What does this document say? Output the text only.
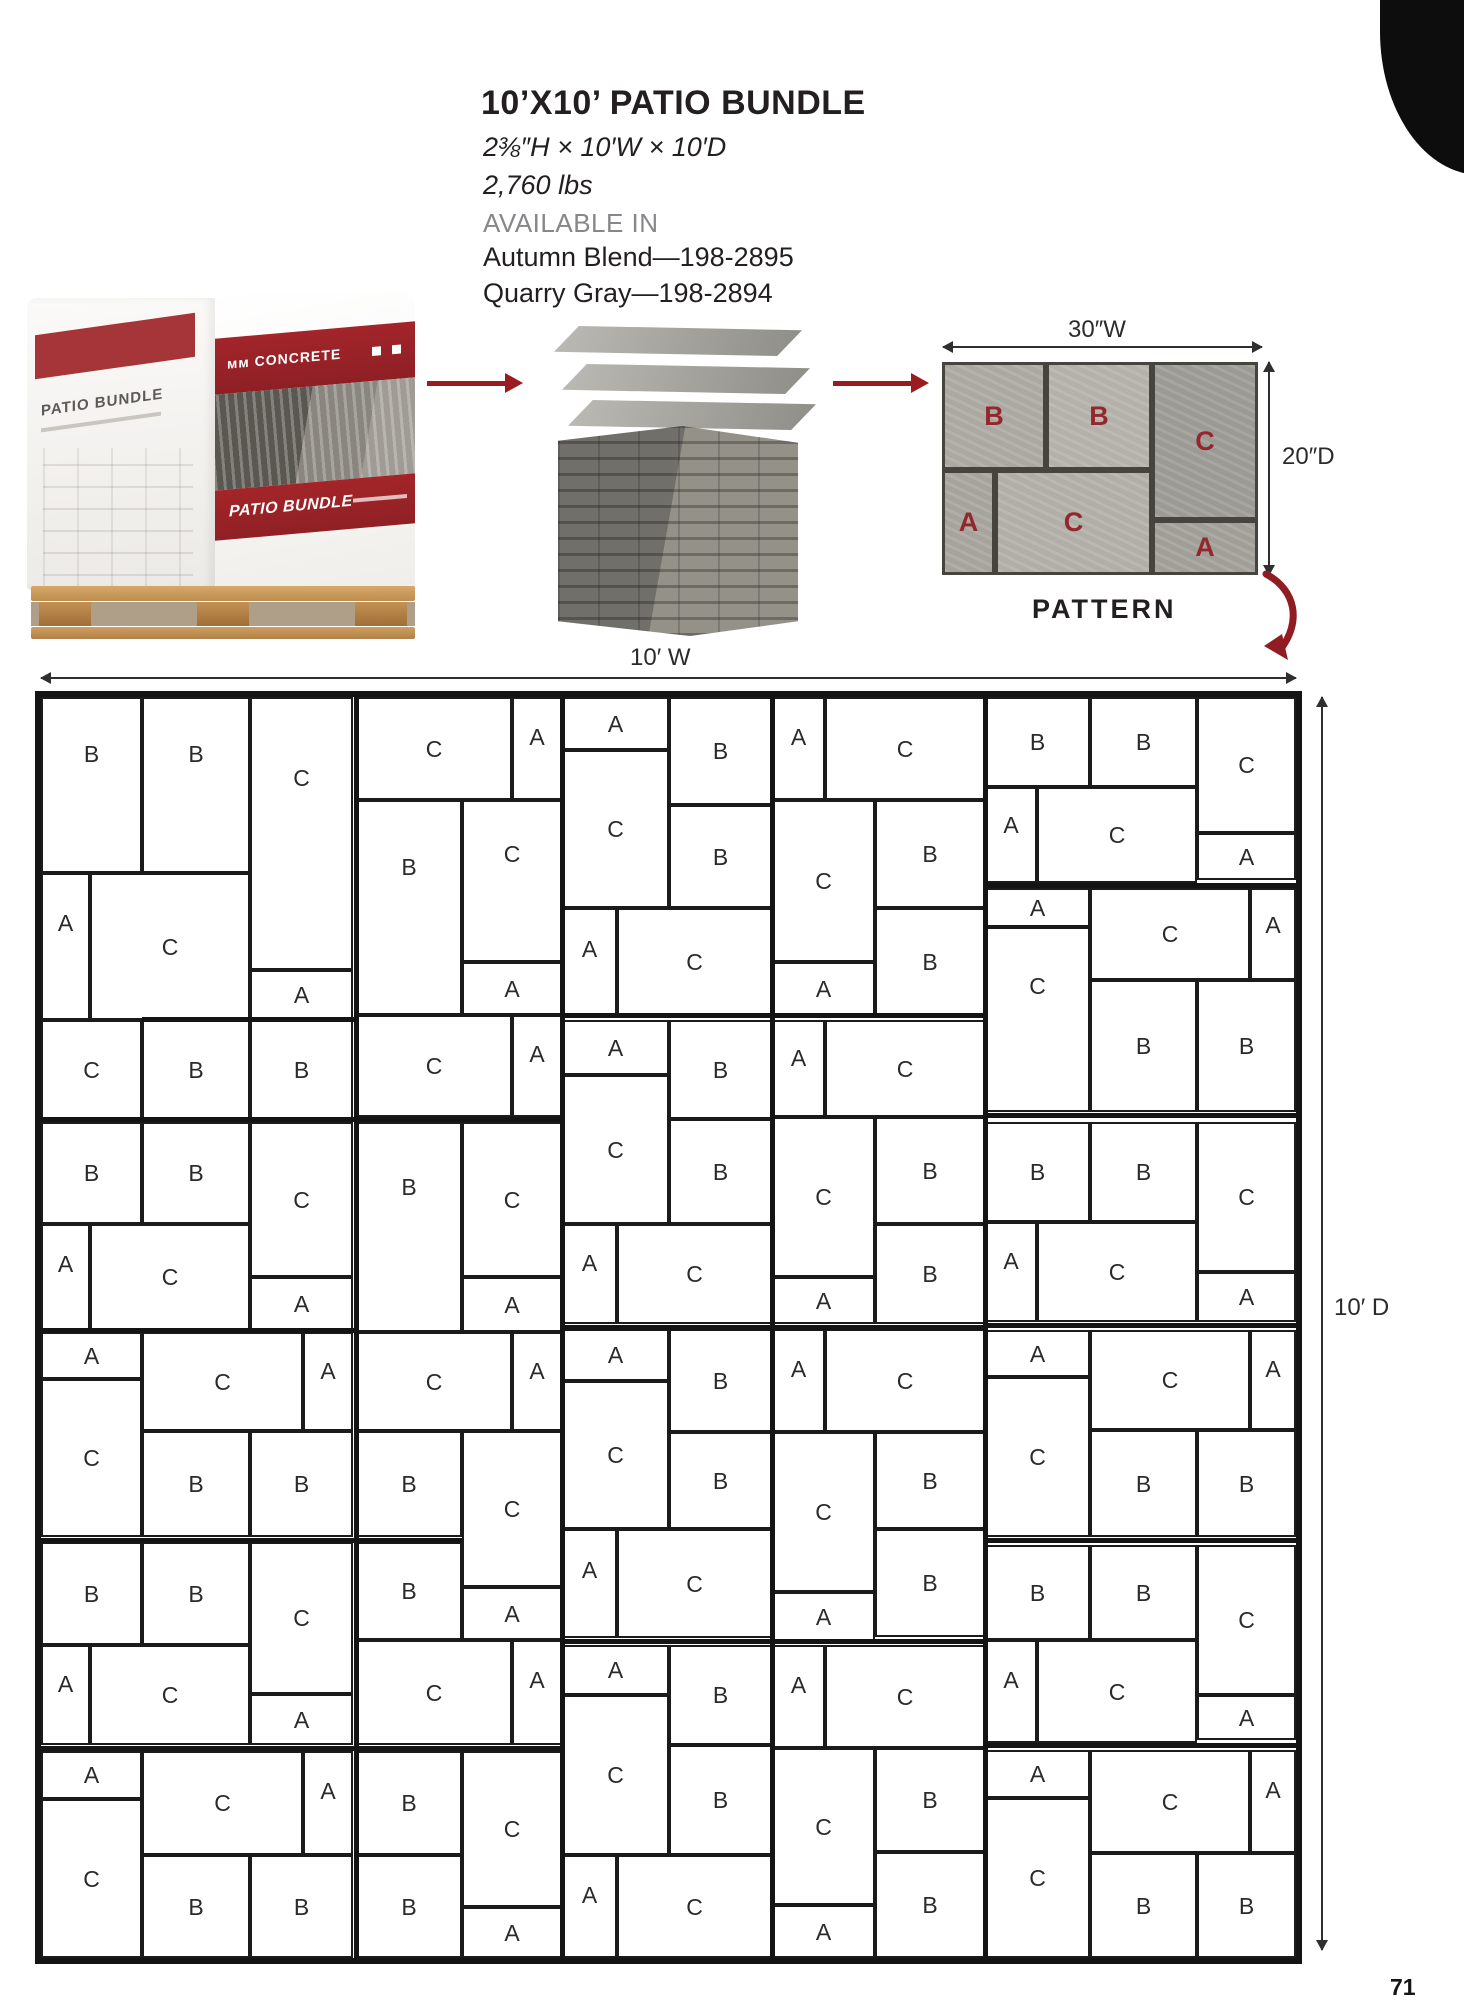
10’X10’ PATIO BUNDLE
2⅜″H × 10′W × 10′D
2,760 lbs
AVAILABLE IN
Autumn Blend—198-2895
Quarry Gray—198-2894
PATIO BUNDLE
ᴍᴍ CONCRETE
PATIO BUNDLE
B	B
C
A	C
A
30″W
20″D
PATTERN
10′ W
B	B
C
A
C
A
C	B	B
B	B
C
A	C
A
A
C	A
C
B	B
B	B
C
A	C
A
A
C	A
C
B	B
C	A
B	C
A
C	A
B	C
A
C	A
B
C
B
A
C	A
B
C
B
A
A
B
C
B
A	C
A
B
C
B
A	C
A
B
C
B
A
C
A
B
C
B
A	C
A	C
C
B
A
B
A	C
C
B
A
B
A	C
C
B
A
B
A	C
C
B
A
B
B	B
C
A	C
A
A
C	A
C
B	B
B	B
C
A	C
A
A
C	A
C
B	B
B	B
C
A	C
A
A
C	A
C
B	B
10′ D
71
